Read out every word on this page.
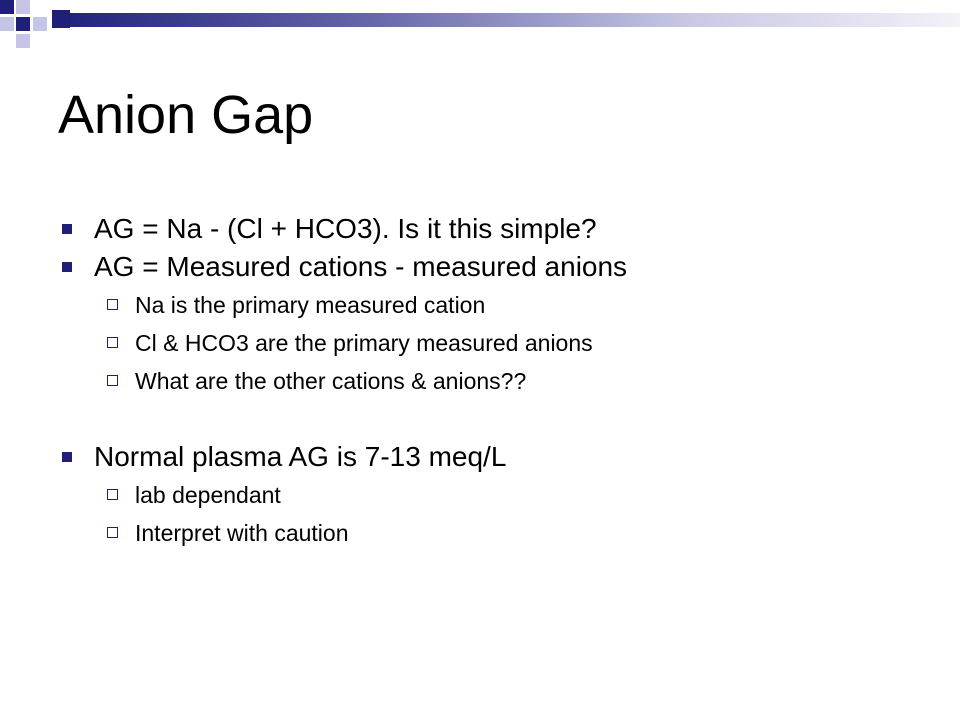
Anion Gap
AG = Na - (Cl + HCO3). Is it this simple?
AG = Measured cations - measured anions
Na is the primary measured cation
Cl & HCO3 are the primary measured anions
What are the other cations & anions??
Normal plasma AG is 7-13 meq/L
lab dependant
Interpret with caution
